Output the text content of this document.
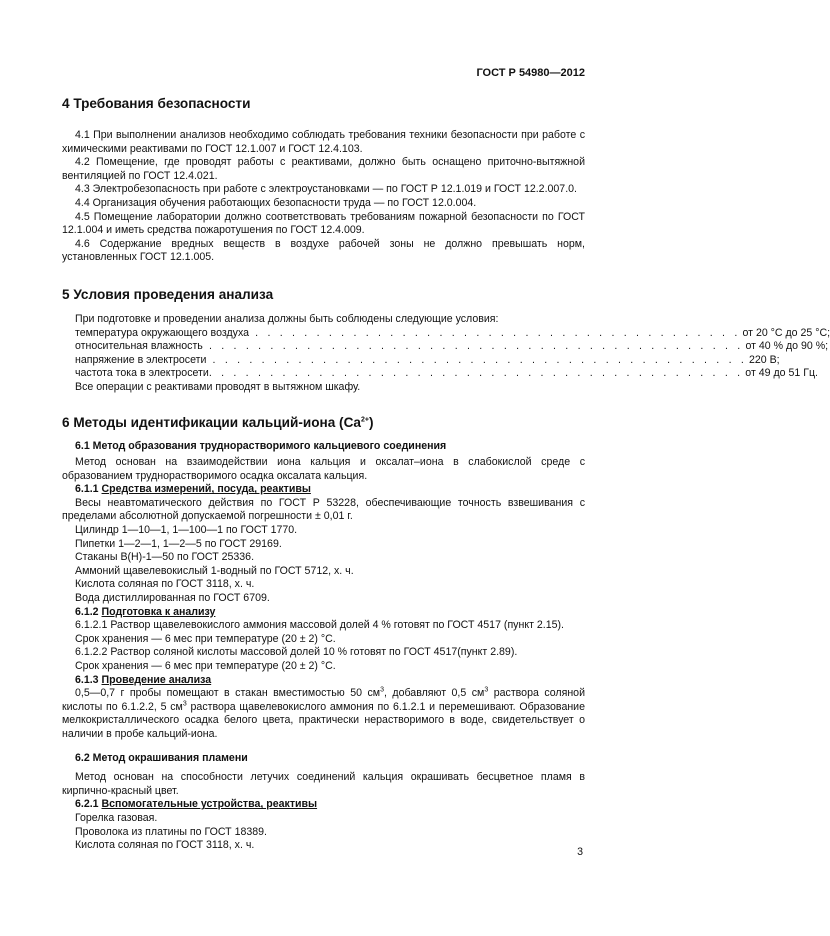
ГОСТ Р 54980—2012
4 Требования безопасности

4.1 При выполнении анализов необходимо соблюдать требования техники безопасности при работе с химическими реактивами по ГОСТ 12.1.007 и ГОСТ 12.4.103.

4.2 Помещение, где проводят работы с реактивами, должно быть оснащено приточно-вытяжной вентиляцией по ГОСТ 12.4.021.

4.3 Электробезопасность при работе с электроустановками — по ГОСТ Р 12.1.019 и ГОСТ 12.2.007.0.

4.4 Организация обучения работающих безопасности труда — по ГОСТ 12.0.004.

4.5 Помещение лаборатории должно соответствовать требованиям пожарной безопасности по ГОСТ 12.1.004 и иметь средства пожаротушения по ГОСТ 12.4.009.

4.6 Содержание вредных веществ в воздухе рабочей зоны не должно превышать норм, установленных ГОСТ 12.1.005.

5 Условия проведения анализа

При подготовке и проведении анализа должны быть соблюдены следующие условия:

температура окружающего воздуха . . . . . . . . . . . . . . . . . . . . . . . . . . . . . . . . . . . . . . . . от 20 °C до 25 °C;
относительная влажность . . . . . . . . . . . . . . . . . . . . . . . . . . . . . . . . . . . . . . . . . . . . от 40 % до 90 %;
напряжение в электросети . . . . . . . . . . . . . . . . . . . . . . . . . . . . . . . . . . . . . . . . . . . . 220 В;
частота тока в электросети . . . . . . . . . . . . . . . . . . . . . . . . . . . . . . . . . . . . . . . . . . . . от 49 до 51 Гц.

Все операции с реактивами проводят в вытяжном шкафу.

6 Методы идентификации кальций-иона $(Ca^{2+})$
6.1 Метод образования труднорастворимого кальциевого соединения

Метод основан на взаимодействии иона кальция и оксалат–иона в слабокислой среде с образованием труднорастворимого осадка оксалата кальция.

6.1.1 Средства измерений, посуда, реактивы

Весы неавтоматического действия по ГОСТ Р 53228, обеспечивающие точность взвешивания с пределами абсолютной допускаемой погрешности ± 0,01 г.

Цилиндр 1—10—1, 1—100—1 по ГОСТ 1770.

Пипетки 1—2—1, 1—2—5 по ГОСТ 29169.

Стаканы В(Н)-1—50 по ГОСТ 25336.

Аммоний щавелевокислый 1-водный по ГОСТ 5712, х. ч.

Кислота соляная по ГОСТ 3118, х. ч.

Вода дистиллированная по ГОСТ 6709.

6.1.2 Подготовка к анализу

6.1.2.1 Раствор щавелевокислого аммония массовой долей 4 % готовят по ГОСТ 4517 (пункт 2.15).

Срок хранения — 6 мес при температуре (20 ± 2) °С.

6.1.2.2 Раствор соляной кислоты массовой долей 10 % готовят по ГОСТ 4517(пункт 2.89).

Срок хранения — 6 мес при температуре (20 ± 2) °С.

6.1.3 Проведение анализа

0,5—0,7 г пробы помещают в стакан вместимостью 50 $см^3$, добавляют 0,5 $см^3$ раствора соляной кислоты по 6.1.2.2, 5 $см^3$ раствора щавелевокислого аммония по 6.1.2.1 и перемешивают. Образование мелкокристаллического осадка белого цвета, практически нерастворимого в воде, свидетельствует о наличии в пробе кальций-иона.

6.2 Метод окрашивания пламени

Метод основан на способности летучих соединений кальция окрашивать бесцветное пламя в кирпично-красный цвет.

6.2.1 Вспомогательные устройства, реактивы

Горелка газовая.

Проволока из платины по ГОСТ 18389.

Кислота соляная по ГОСТ 3118, х. ч.

3
